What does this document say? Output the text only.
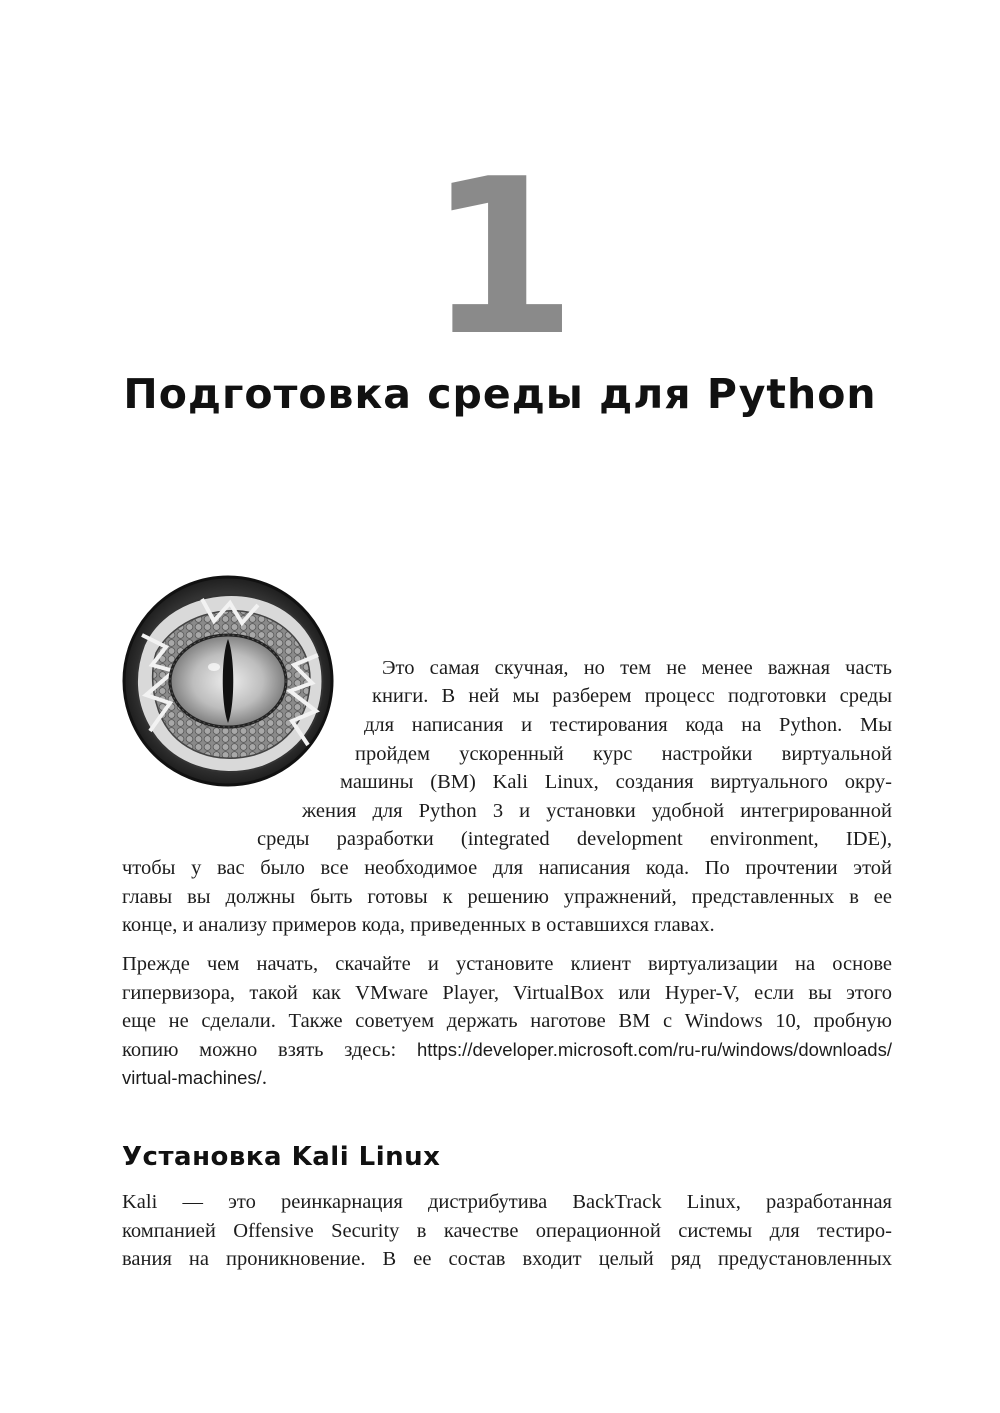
1
Подготовка среды для Python
Это самая скучная, но тем не менее важная часть
книги. В ней мы разберем процесс подготовки среды
для написания и тестирования кода на Python. Мы
пройдем ускоренный курс настройки виртуальной
машины (ВМ) Kali Linux, создания виртуального окру-
жения для Python 3 и установки удобной интегрированной
среды разработки (integrated development environment, IDE),
чтобы у вас было все необходимое для написания кода. По прочтении этой
главы вы должны быть готовы к решению упражнений, представленных в ее
конце, и анализу примеров кода, приведенных в оставшихся главах.
Прежде чем начать, скачайте и установите клиент виртуализации на основе
гипервизора, такой как VMware Player, VirtualBox или Hyper-V, если вы этого
еще не сделали. Также советуем держать наготове ВМ с Windows 10, пробную
копию можно взять здесь: https://developer.microsoft.com/ru-ru/windows/downloads/
virtual-machines/.
Установка Kali Linux
Kali — это реинкарнация дистрибутива BackTrack Linux, разработанная
компанией Offensive Security в качестве операционной системы для тестиро-
вания на проникновение. В ее состав входит целый ряд предустановленных
